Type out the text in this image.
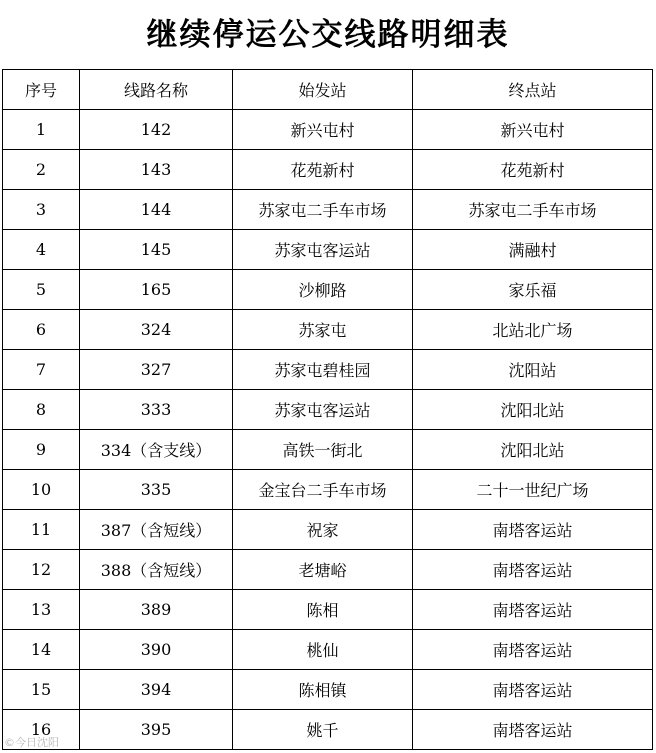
继续停运公交线路明细表
序号	线路名称	始发站	终点站
1	142	新兴屯村	新兴屯村
2	143	花苑新村	花苑新村
3	144	苏家屯二手车市场	苏家屯二手车市场
4	145	苏家屯客运站	满融村
5	165	沙柳路	家乐福
6	324	苏家屯	北站北广场
7	327	苏家屯碧桂园	沈阳站
8	333	苏家屯客运站	沈阳北站
9	334（含支线）	高铁一街北	沈阳北站
10	335	金宝台二手车市场	二十一世纪广场
11	387（含短线）	祝家	南塔客运站
12	388（含短线）	老塘峪	南塔客运站
13	389	陈相	南塔客运站
14	390	桃仙	南塔客运站
15	394	陈相镇	南塔客运站
16	395	姚千	南塔客运站
©今日沈阳
